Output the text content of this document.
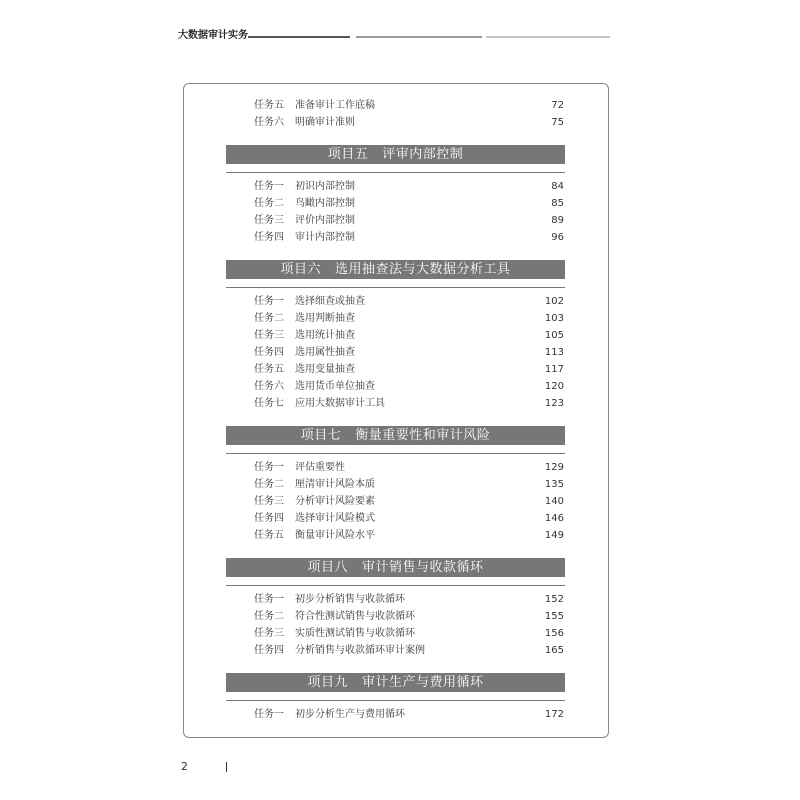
大数据审计实务
任务五 准备审计工作底稿	72
任务六 明确审计准则	75
项目五 评审内部控制
任务一 初识内部控制	84
任务二 鸟瞰内部控制	85
任务三 评价内部控制	89
任务四 审计内部控制	96
项目六 选用抽查法与大数据分析工具
任务一 选择细查或抽查	102
任务二 选用判断抽查	103
任务三 选用统计抽查	105
任务四 选用属性抽查	113
任务五 选用变量抽查	117
任务六 选用货币单位抽查	120
任务七 应用大数据审计工具	123
项目七 衡量重要性和审计风险
任务一 评估重要性	129
任务二 厘清审计风险本质	135
任务三 分析审计风险要素	140
任务四 选择审计风险模式	146
任务五 衡量审计风险水平	149
项目八 审计销售与收款循环
任务一 初步分析销售与收款循环	152
任务二 符合性测试销售与收款循环	155
任务三 实质性测试销售与收款循环	156
任务四 分析销售与收款循环审计案例	165
项目九 审计生产与费用循环
任务一 初步分析生产与费用循环	172
2
